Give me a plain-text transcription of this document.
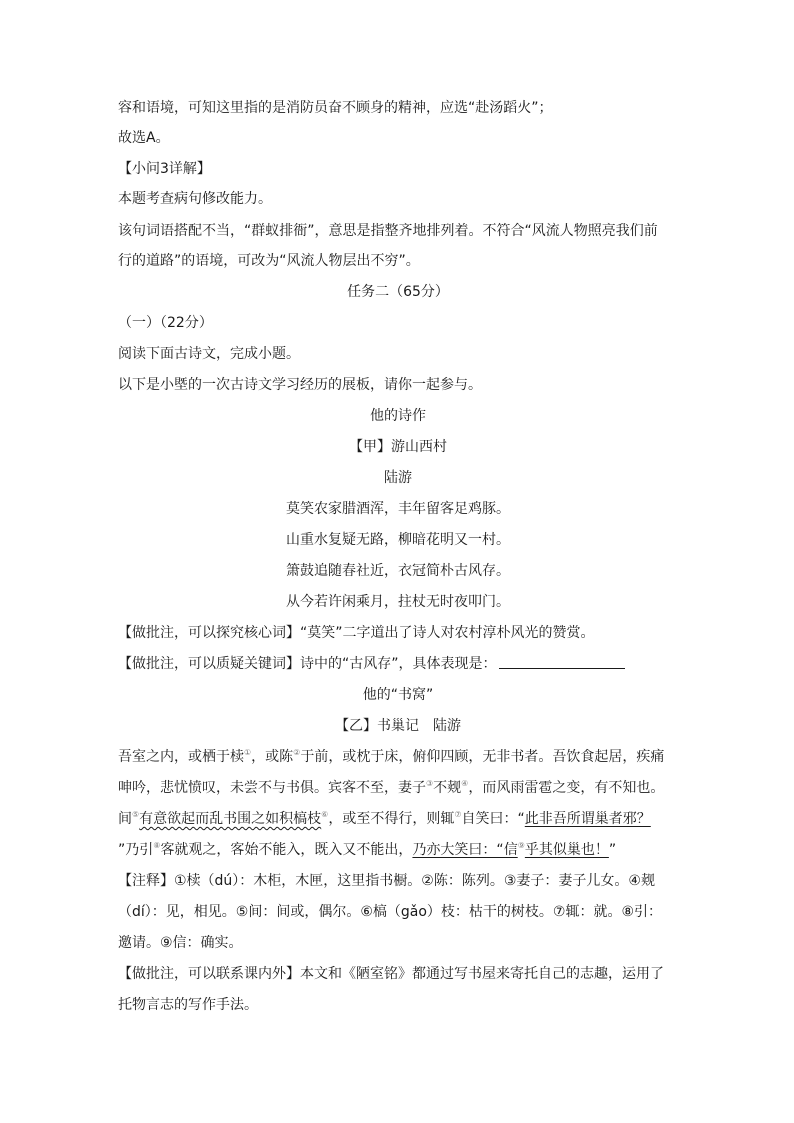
容和语境，可知这里指的是消防员奋不顾身的精神，应选“赴汤蹈火”；
故选A。
【小问3详解】
本题考查病句修改能力。
该句词语搭配不当，“群蚁排衙”，意思是指整齐地排列着。不符合“风流人物照亮我们前
行的道路”的语境，可改为“风流人物层出不穷”。
任务二（65分）
（一）（22分）
阅读下面古诗文，完成小题。
以下是小塈的一次古诗文学习经历的展板，请你一起参与。
他的诗作
【甲】游山西村
陆游
莫笑农家腊酒浑，丰年留客足鸡豚。
山重水复疑无路，柳暗花明又一村。
箫鼓追随春社近，衣冠简朴古风存。
从今若许闲乘月，拄杖无时夜叩门。
【做批注，可以探究核心词】“莫笑”二字道出了诗人对农村淳朴风光的赞赏。
【做批注，可以质疑关键词】诗中的“古风存”，具体表现是：
他的“书窝”
【乙】书巢记　陆游
吾室之内，或栖于椟①，或陈②于前，或枕于床，俯仰四顾，无非书者。吾饮食起居，疾痛
呻吟，悲忧愤叹，未尝不与书俱。宾客不至，妻子③不觌④，而风雨雷雹之变，有不知也。
间⑤有意欲起而乱书围之如积槁枝⑥，或至不得行，则辄⑦自笑曰：“此非吾所谓巢者邪？
”乃引⑧客就观之，客始不能入，既入又不能出，乃亦大笑曰：“信⑨乎其似巢也！”
【注释】①椟（dú）：木柜，木匣，这里指书橱。②陈：陈列。③妻子：妻子儿女。④觌
（dí）：见，相见。⑤间：间或，偶尔。⑥槁（gǎo）枝：枯干的树枝。⑦辄：就。⑧引：
邀请。⑨信：确实。
【做批注，可以联系课内外】本文和《陋室铭》都通过写书屋来寄托自己的志趣，运用了
托物言志的写作手法。
